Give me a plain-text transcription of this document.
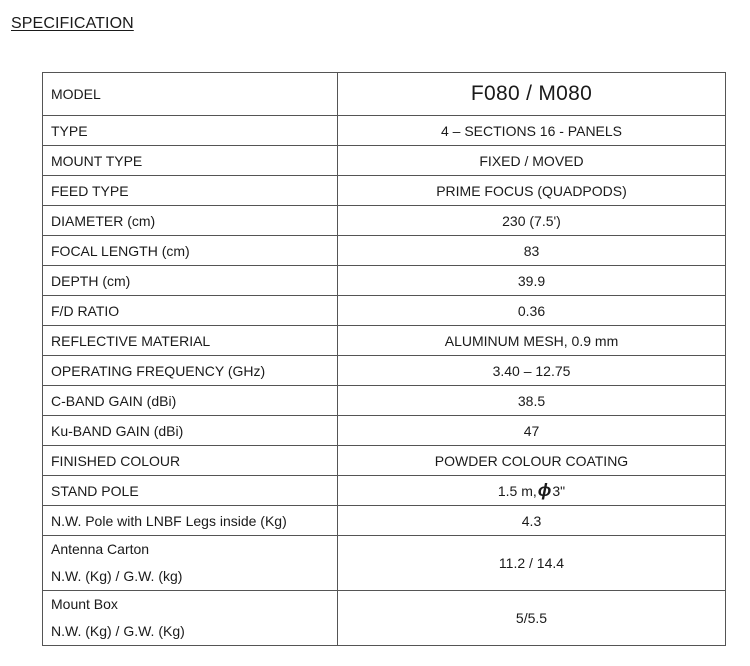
SPECIFICATION
MODEL	F080 / M080
TYPE	4 – SECTIONS 16 - PANELS
MOUNT TYPE	FIXED / MOVED
FEED TYPE	PRIME FOCUS (QUADPODS)
DIAMETER (cm)	230 (7.5')
FOCAL LENGTH (cm)	83
DEPTH (cm)	39.9
F/D RATIO	0.36
REFLECTIVE MATERIAL	ALUMINUM MESH, 0.9 mm
OPERATING FREQUENCY (GHz)	3.40 – 12.75
C-BAND GAIN (dBi)	38.5
Ku-BAND GAIN (dBi)	47
FINISHED COLOUR	POWDER COLOUR COATING
STAND POLE	1.5 m,ϕ3"
N.W. Pole with LNBF Legs inside (Kg)	4.3

Antenna Carton
N.W. (Kg) / G.W. (kg)	11.2 / 14.4

Mount Box
N.W. (Kg) / G.W. (Kg)	5/5.5
